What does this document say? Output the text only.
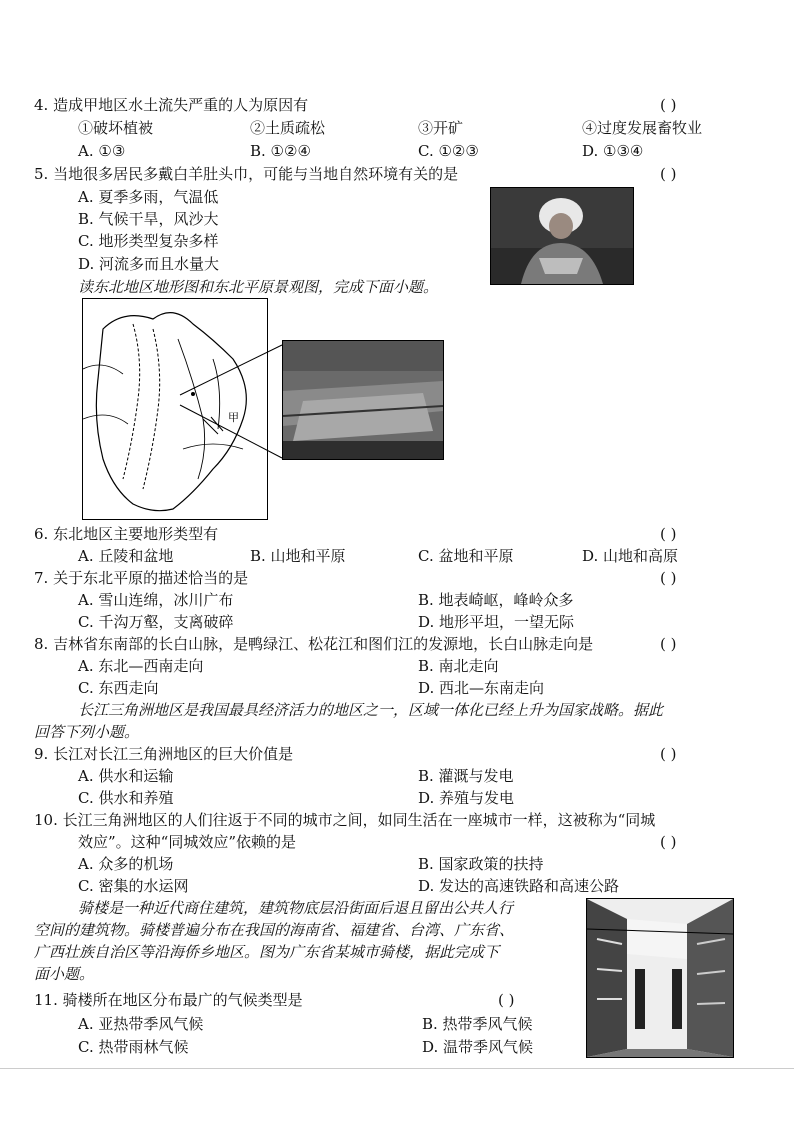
4. 造成甲地区水土流失严重的人为原因有	( )
①破坏植被	②土质疏松	③开矿	④过度发展畜牧业
A. ①③	B. ①②④	C. ①②③	D. ①③④
5. 当地很多居民多戴白羊肚头巾，可能与当地自然环境有关的是	( )
A. 夏季多雨，气温低
B. 气候干旱，风沙大
C. 地形类型复杂多样
D. 河流多而且水量大
读东北地区地形图和东北平原景观图，完成下面小题。
甲
6. 东北地区主要地形类型有	( )
A. 丘陵和盆地	B. 山地和平原	C. 盆地和平原	D. 山地和高原
7. 关于东北平原的描述恰当的是	( )
A. 雪山连绵，冰川广布	B. 地表崎岖，峰岭众多
C. 千沟万壑，支离破碎	D. 地形平坦，一望无际
8. 吉林省东南部的长白山脉，是鸭绿江、松花江和图们江的发源地，长白山脉走向是	( )
A. 东北—西南走向	B. 南北走向
C. 东西走向	D. 西北—东南走向
长江三角洲地区是我国最具经济活力的地区之一，区域一体化已经上升为国家战略。据此
回答下列小题。
9. 长江对长江三角洲地区的巨大价值是	( )
A. 供水和运输	B. 灌溉与发电
C. 供水和养殖	D. 养殖与发电
10. 长江三角洲地区的人们往返于不同的城市之间，如同生活在一座城市一样，这被称为“同城
效应”。这种“同城效应”依赖的是	( )
A. 众多的机场	B. 国家政策的扶持
C. 密集的水运网	D. 发达的高速铁路和高速公路
骑楼是一种近代商住建筑，建筑物底层沿街面后退且留出公共人行
空间的建筑物。骑楼普遍分布在我国的海南省、福建省、台湾、广东省、
广西壮族自治区等沿海侨乡地区。图为广东省某城市骑楼，据此完成下
面小题。
11. 骑楼所在地区分布最广的气候类型是	( )
A. 亚热带季风气候	B. 热带季风气候
C. 热带雨林气候	D. 温带季风气候
